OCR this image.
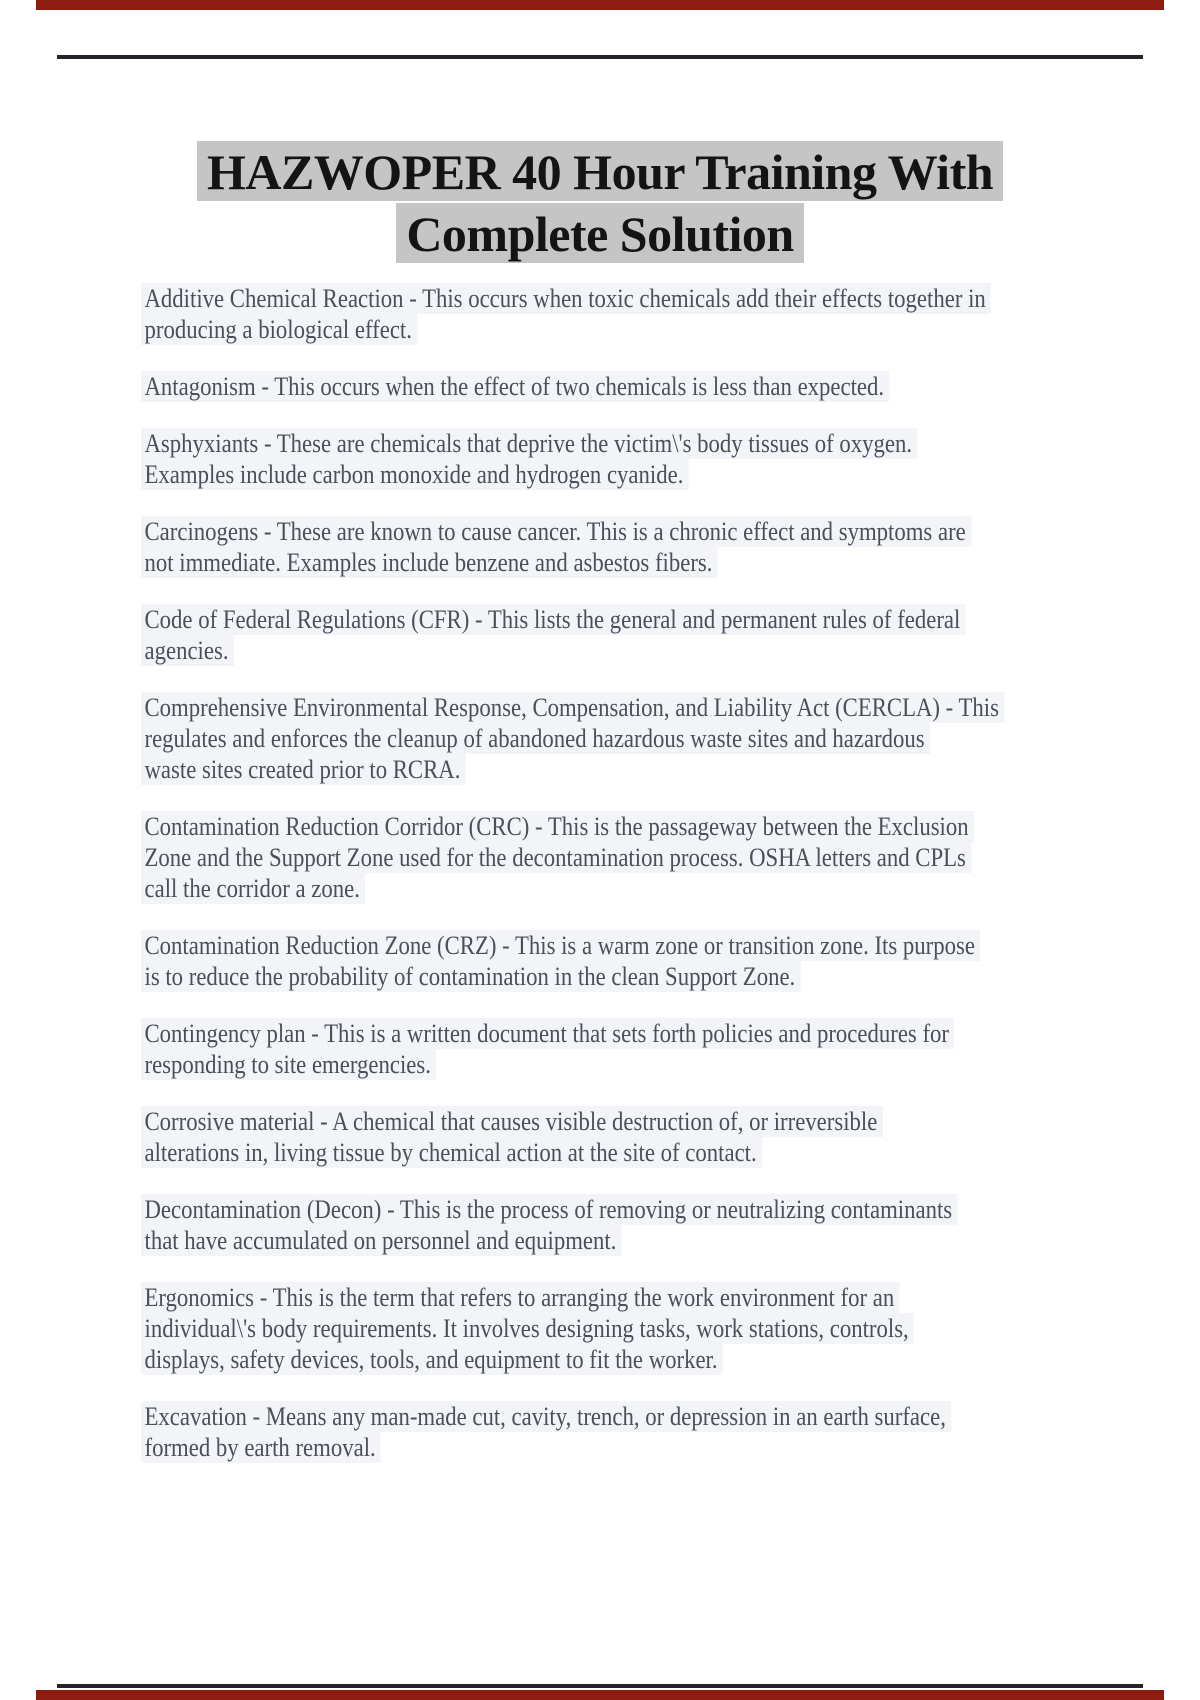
HAZWOPER 40 Hour Training With
Complete Solution
Additive Chemical Reaction - This occurs when toxic chemicals add their effects together in
producing a biological effect.
Antagonism - This occurs when the effect of two chemicals is less than expected.
Asphyxiants - These are chemicals that deprive the victim\'s body tissues of oxygen.
Examples include carbon monoxide and hydrogen cyanide.
Carcinogens - These are known to cause cancer. This is a chronic effect and symptoms are
not immediate. Examples include benzene and asbestos fibers.
Code of Federal Regulations (CFR) - This lists the general and permanent rules of federal
agencies.
Comprehensive Environmental Response, Compensation, and Liability Act (CERCLA) - This
regulates and enforces the cleanup of abandoned hazardous waste sites and hazardous
waste sites created prior to RCRA.
Contamination Reduction Corridor (CRC) - This is the passageway between the Exclusion
Zone and the Support Zone used for the decontamination process. OSHA letters and CPLs
call the corridor a zone.
Contamination Reduction Zone (CRZ) - This is a warm zone or transition zone. Its purpose
is to reduce the probability of contamination in the clean Support Zone.
Contingency plan - This is a written document that sets forth policies and procedures for
responding to site emergencies.
Corrosive material - A chemical that causes visible destruction of, or irreversible
alterations in, living tissue by chemical action at the site of contact.
Decontamination (Decon) - This is the process of removing or neutralizing contaminants
that have accumulated on personnel and equipment.
Ergonomics - This is the term that refers to arranging the work environment for an
individual\'s body requirements. It involves designing tasks, work stations, controls,
displays, safety devices, tools, and equipment to fit the worker.
Excavation - Means any man-made cut, cavity, trench, or depression in an earth surface,
formed by earth removal.
